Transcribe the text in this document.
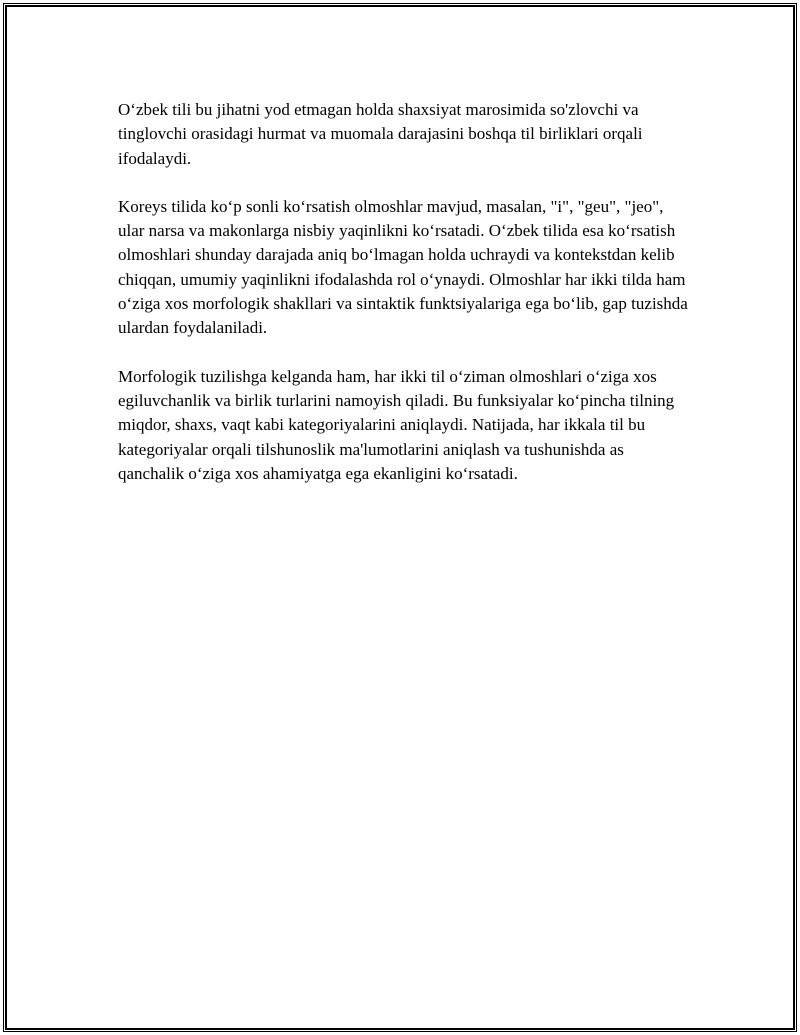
O‘zbek tili bu jihatni yod etmagan holda shaxsiyat marosimida so'zlovchi va tinglovchi orasidagi hurmat va muomala darajasini boshqa til birliklari orqali ifodalaydi.

Koreys tilida ko‘p sonli ko‘rsatish olmoshlar mavjud, masalan, "i", "geu", "jeo", ular narsa va makonlarga nisbiy yaqinlikni ko‘rsatadi. O‘zbek tilida esa ko‘rsatish olmoshlari shunday darajada aniq bo‘lmagan holda uchraydi va kontekstdan kelib chiqqan, umumiy yaqinlikni ifodalashda rol o‘ynaydi. Olmoshlar har ikki tilda ham o‘ziga xos morfologik shakllari va sintaktik funktsiyalariga ega bo‘lib, gap tuzishda ulardan foydalaniladi.

Morfologik tuzilishga kelganda ham, har ikki til o‘ziman olmoshlari o‘ziga xos egiluvchanlik va birlik turlarini namoyish qiladi. Bu funksiyalar ko‘pincha tilning miqdor, shaxs, vaqt kabi kategoriyalarini aniqlaydi. Natijada, har ikkala til bu kategoriyalar orqali tilshunoslik ma'lumotlarini aniqlash va tushunishda as qanchalik o‘ziga xos ahamiyatga ega ekanligini ko‘rsatadi.
